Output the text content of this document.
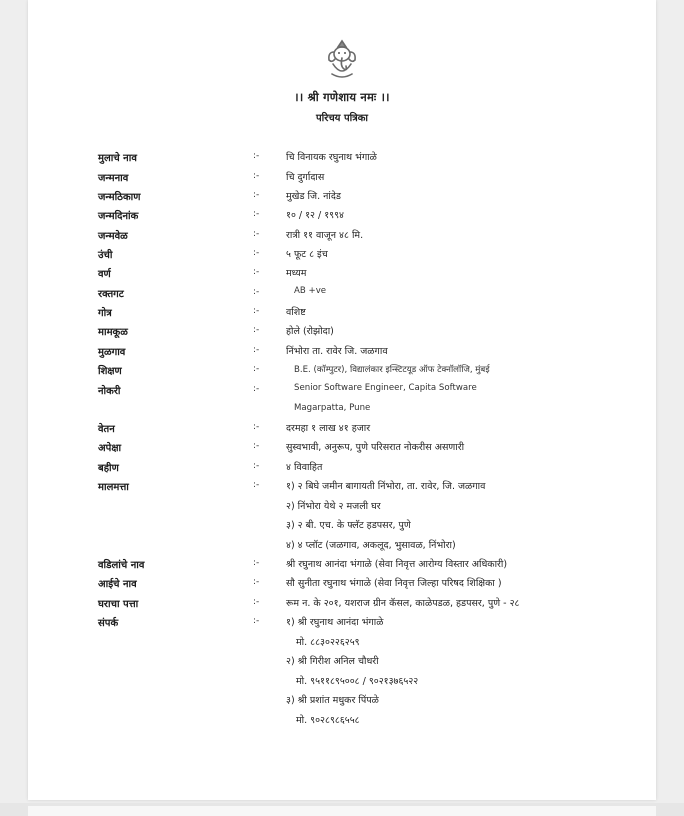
।। श्री गणेशाय नमः ।।
परिचय पत्रिका
मुलाचे नाव	:-	चि विनायक रघुनाथ भंगाळे
जन्मनाव	:-	चि दुर्गादास
जन्मठिकाण	:-	मुखेड जि. नांदेड
जन्मदिनांक	:-	१० / १२ / १९९४
जन्मवेळ	:-	रात्री ११ वाजून ४८ मि.
उंची	:-	५ फूट ८ इंच
वर्ण	:-	मध्यम
रक्तगट	:-	AB +ve
गोत्र	:-	वशिष्ट
मामकूळ	:-	होले (रोझोदा)
मुळगाव	:-	निंभोरा ता. रावेर जि. जळगाव
शिक्षण	:-	B.E. (कॉम्पुटर), विद्यालंकार इन्स्टिटयूड ऑफ टेक्नॉलॉजि, मुंबई
नोकरी	:-	Senior Software Engineer, Capita Software
Magarpatta, Pune
वेतन	:-	दरमहा १ लाख ४१ हजार
अपेक्षा	:-	सुस्वभावी, अनुरूप, पुणे परिसरात नोकरीस असणारी
बहीण	:-	४ विवाहित
मालमत्ता	:-	१) २ बिघे जमीन बागायती निंभोरा, ता. रावेर, जि. जळगाव
२) निंभोरा येथे २ मजली घर
३) २ बी. एच. के फ्लॅट हडपसर, पुणे
४) ४ प्लॉट (जळगाव, अकलूद, भुसावळ, निंभोरा)
वडिलांचे नाव	:-	श्री रघुनाथ आनंदा भंगाळे (सेवा निवृत्त आरोग्य विस्तार अधिकारी)
आईचे नाव	:-	सौ सुनीता रघुनाथ भंगाळे (सेवा निवृत्त जिल्हा परिषद शिक्षिका )
घराचा पत्ता	:-	रूम न. के २०१, यशराज ग्रीन कॅसल, काळेपडळ, हडपसर, पुणे - २८
संपर्क	:-	१) श्री रघुनाथ आनंदा भंगाळे
मो. ८८३०२२६२५९
२) श्री गिरीश अनिल चौधरी
मो. ९५११८९५००८ / ९०२१३७६५२२
३) श्री प्रशांत मधुकर पिंपळे
मो. ९०२८९८६५५८
